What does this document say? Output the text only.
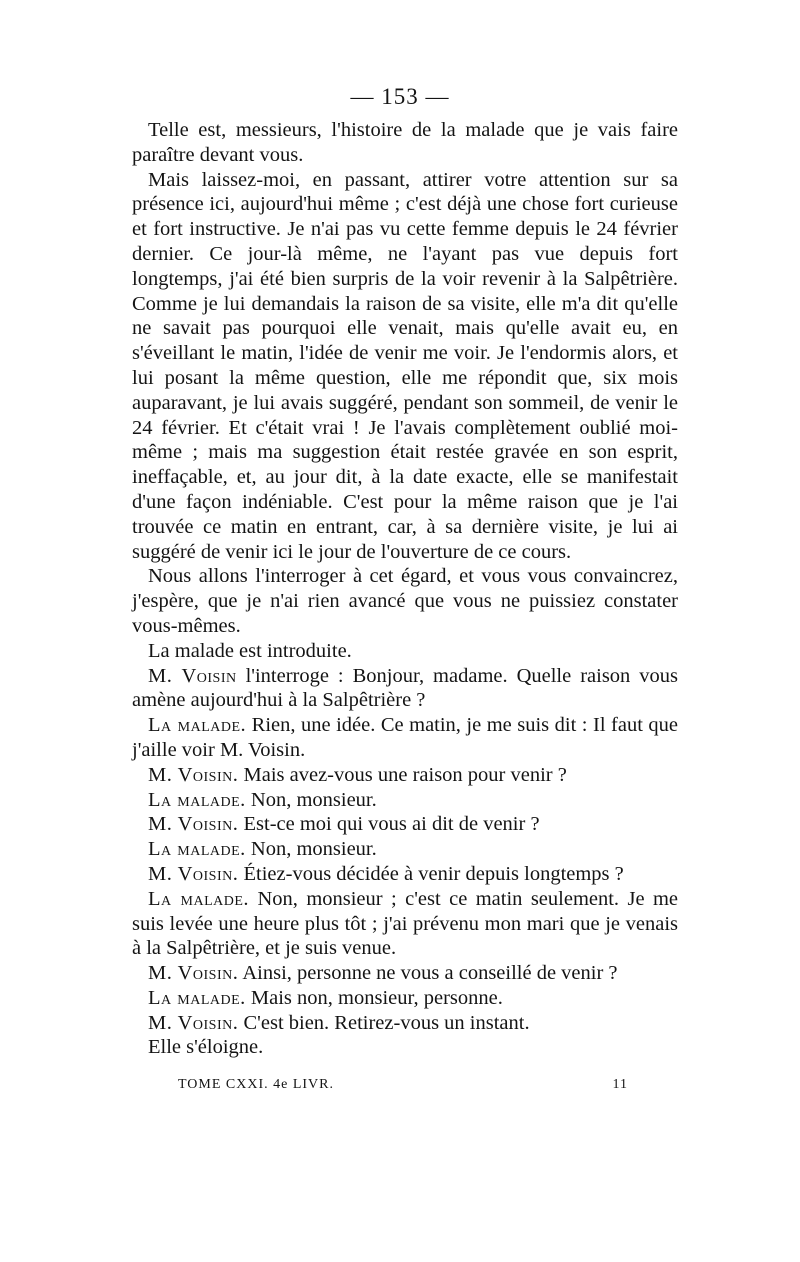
— 153 —

Telle est, messieurs, l'histoire de la malade que je vais faire paraître devant vous.

Mais laissez-moi, en passant, attirer votre attention sur sa présence ici, aujourd'hui même ; c'est déjà une chose fort curieuse et fort instructive. Je n'ai pas vu cette femme depuis le 24 février dernier. Ce jour-là même, ne l'ayant pas vue depuis fort longtemps, j'ai été bien surpris de la voir revenir à la Salpêtrière. Comme je lui demandais la raison de sa visite, elle m'a dit qu'elle ne savait pas pourquoi elle venait, mais qu'elle avait eu, en s'éveillant le matin, l'idée de venir me voir. Je l'endormis alors, et lui posant la même question, elle me répondit que, six mois auparavant, je lui avais suggéré, pendant son sommeil, de venir le 24 février. Et c'était vrai ! Je l'avais complètement oublié moi-même ; mais ma suggestion était restée gravée en son esprit, ineffaçable, et, au jour dit, à la date exacte, elle se manifestait d'une façon indéniable. C'est pour la même raison que je l'ai trouvée ce matin en entrant, car, à sa dernière visite, je lui ai suggéré de venir ici le jour de l'ouverture de ce cours.

Nous allons l'interroger à cet égard, et vous vous convaincrez, j'espère, que je n'ai rien avancé que vous ne puissiez constater vous-mêmes.

La malade est introduite.

M. Voisin l'interroge : Bonjour, madame. Quelle raison vous amène aujourd'hui à la Salpêtrière ?

La malade. Rien, une idée. Ce matin, je me suis dit : Il faut que j'aille voir M. Voisin.

M. Voisin. Mais avez-vous une raison pour venir ?

La malade. Non, monsieur.

M. Voisin. Est-ce moi qui vous ai dit de venir ?

La malade. Non, monsieur.

M. Voisin. Étiez-vous décidée à venir depuis longtemps ?

La malade. Non, monsieur ; c'est ce matin seulement. Je me suis levée une heure plus tôt ; j'ai prévenu mon mari que je venais à la Salpêtrière, et je suis venue.

M. Voisin. Ainsi, personne ne vous a conseillé de venir ?

La malade. Mais non, monsieur, personne.

M. Voisin. C'est bien. Retirez-vous un instant.

Elle s'éloigne.

TOME CXXI. 4e LIVR.	11
